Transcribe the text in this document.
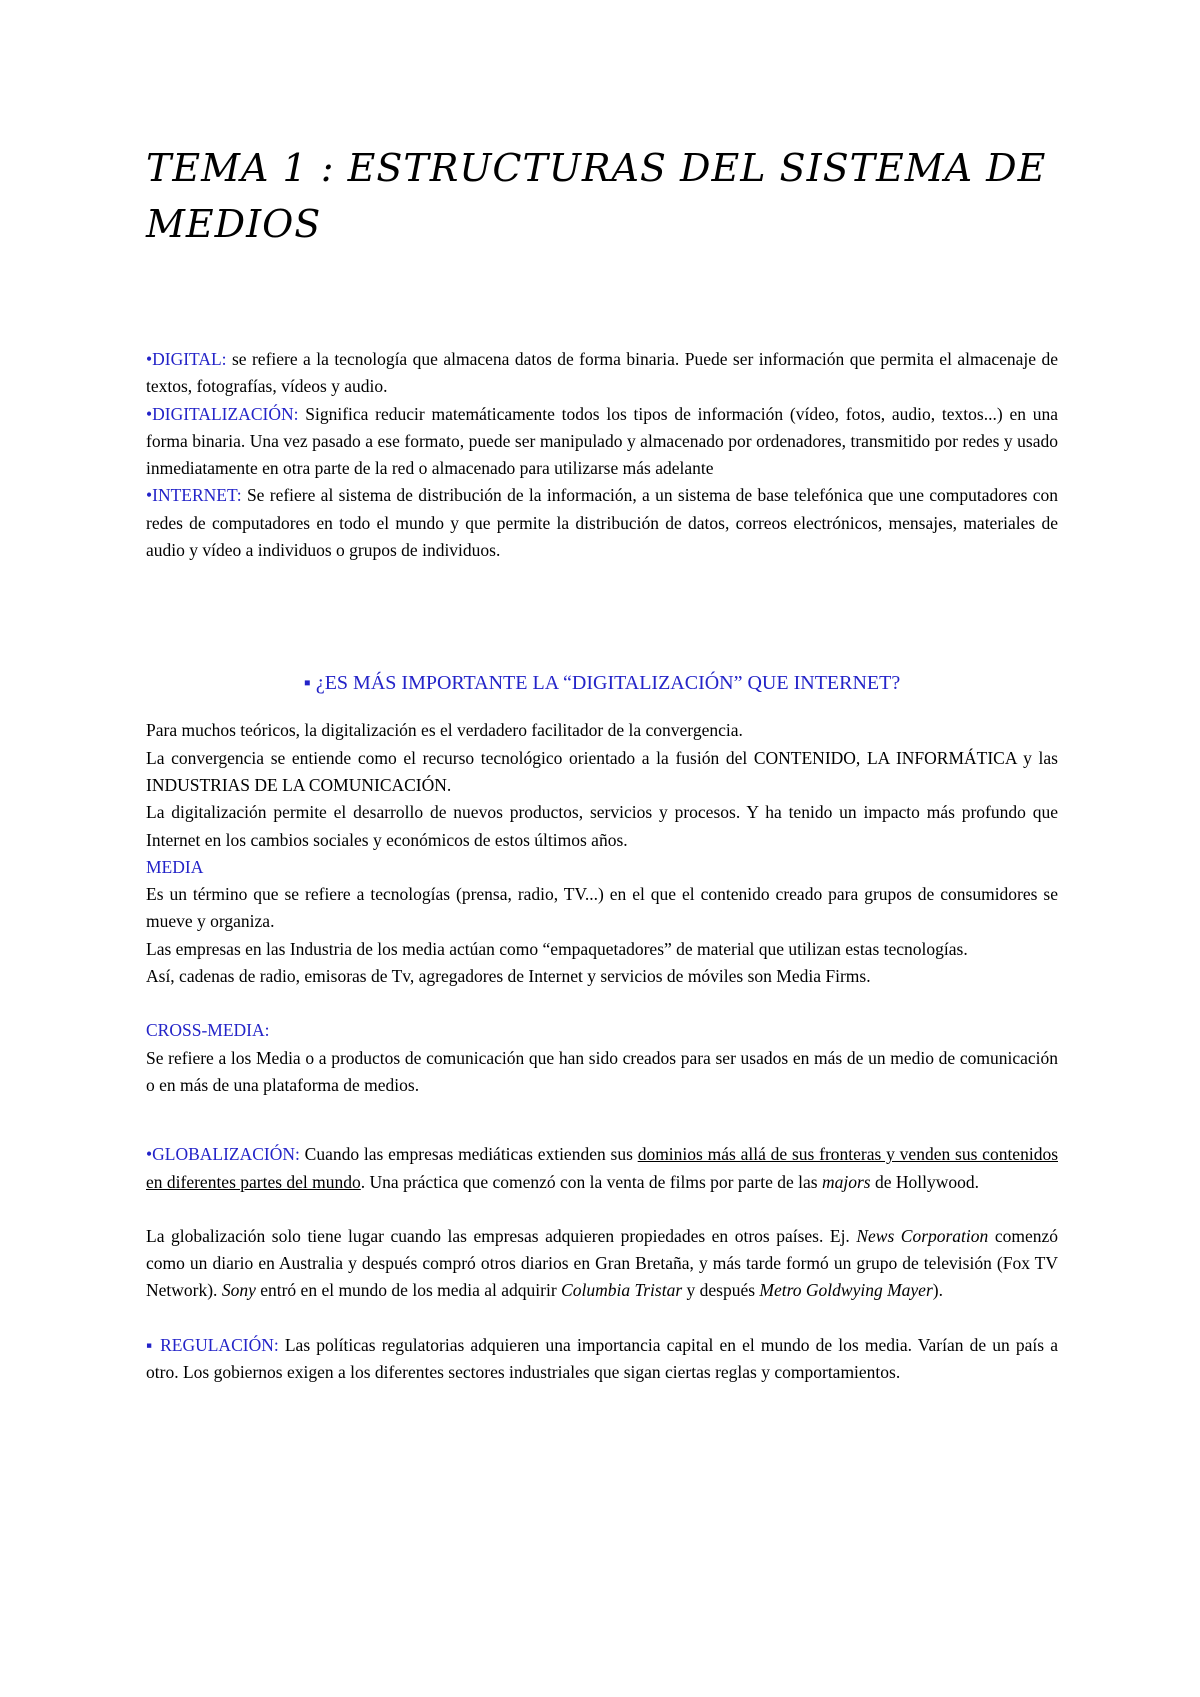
TEMA 1 : ESTRUCTURAS DEL SISTEMA DE
MEDIOS

•DIGITAL: se refiere a la tecnología que almacena datos de forma binaria. Puede ser información que permita el almacenaje de textos, fotografías, vídeos y audio.

•DIGITALIZACIÓN: Significa reducir matemáticamente todos los tipos de información (vídeo, fotos, audio, textos...) en una forma binaria. Una vez pasado a ese formato, puede ser manipulado y almacenado por ordenadores, transmitido por redes y usado inmediatamente en otra parte de la red o almacenado para utilizarse más adelante

•INTERNET: Se refiere al sistema de distribución de la información, a un sistema de base telefónica que une computadores con redes de computadores en todo el mundo y que permite la distribución de datos, correos electrónicos, mensajes, materiales de audio y vídeo a individuos o grupos de individuos.

▪ ¿ES MÁS IMPORTANTE LA “DIGITALIZACIÓN” QUE INTERNET?

Para muchos teóricos, la digitalización es el verdadero facilitador de la convergencia.

La convergencia se entiende como el recurso tecnológico orientado a la fusión del CONTENIDO, LA INFORMÁTICA y las INDUSTRIAS DE LA COMUNICACIÓN.

La digitalización permite el desarrollo de nuevos productos, servicios y procesos. Y ha tenido un impacto más profundo que Internet en los cambios sociales y económicos de estos últimos años.

MEDIA

Es un término que se refiere a tecnologías (prensa, radio, TV...) en el que el contenido creado para grupos de consumidores se mueve y organiza.

Las empresas en las Industria de los media actúan como “empaquetadores” de material que utilizan estas tecnologías.

Así, cadenas de radio, emisoras de Tv, agregadores de Internet y servicios de móviles son Media Firms.

CROSS-MEDIA:

Se refiere a los Media o a productos de comunicación que han sido creados para ser usados en más de un medio de comunicación o en más de una plataforma de medios.

•GLOBALIZACIÓN: Cuando las empresas mediáticas extienden sus dominios más allá de sus fronteras y venden sus contenidos en diferentes partes del mundo. Una práctica que comenzó con la venta de films por parte de las majors de Hollywood.

La globalización solo tiene lugar cuando las empresas adquieren propiedades en otros países. Ej. News Corporation comenzó como un diario en Australia y después compró otros diarios en Gran Bretaña, y más tarde formó un grupo de televisión (Fox TV Network). Sony entró en el mundo de los media al adquirir Columbia Tristar y después Metro Goldwying Mayer).

▪ REGULACIÓN: Las políticas regulatorias adquieren una importancia capital en el mundo de los media. Varían de un país a otro. Los gobiernos exigen a los diferentes sectores industriales que sigan ciertas reglas y comportamientos.
